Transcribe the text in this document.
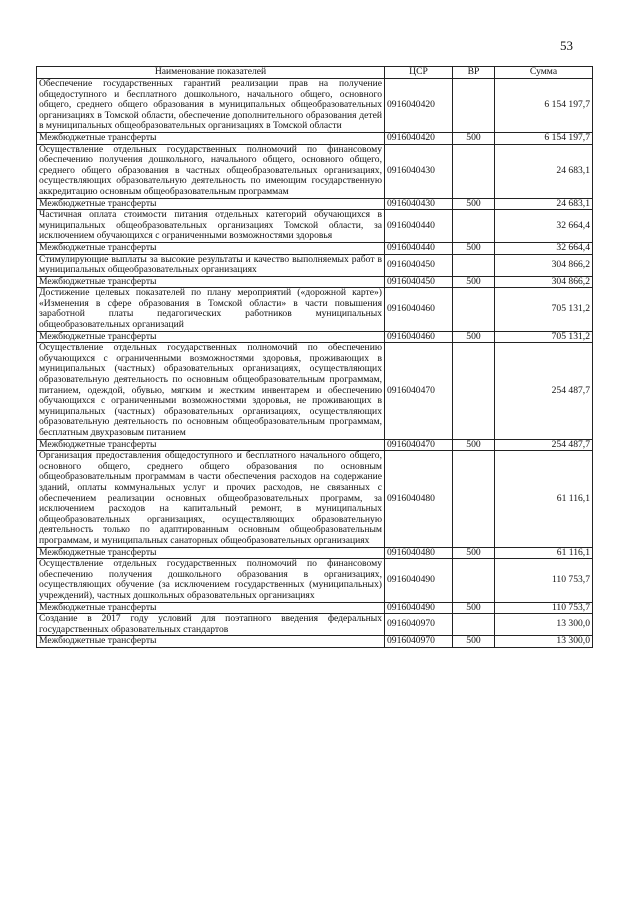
53
Наименование показателей	ЦСР	ВР	Сумма
Обеспечение государственных гарантий реализации прав на получение общедоступного и бесплатного дошкольного, начального общего, основного общего, среднего общего образования в муниципальных общеобразовательных организациях в Томской области, обеспечение дополнительного образования детей в муниципальных общеобразовательных организациях в Томской области	0916040420		6 154 197,7
Межбюджетные трансферты	0916040420	500	6 154 197,7
Осуществление отдельных государственных полномочий по финансовому обеспечению получения дошкольного, начального общего, основного общего, среднего общего образования в частных общеобразовательных организациях, осуществляющих образовательную деятельность по имеющим государственную аккредитацию основным общеобразовательным программам	0916040430		24 683,1
Межбюджетные трансферты	0916040430	500	24 683,1
Частичная оплата стоимости питания отдельных категорий обучающихся в муниципальных общеобразовательных организациях Томской области, за исключением обучающихся с ограниченными возможностями здоровья	0916040440		32 664,4
Межбюджетные трансферты	0916040440	500	32 664,4
Стимулирующие выплаты за высокие результаты и качество выполняемых работ в муниципальных общеобразовательных организациях	0916040450		304 866,2
Межбюджетные трансферты	0916040450	500	304 866,2
Достижение целевых показателей по плану мероприятий («дорожной карте») «Изменения в сфере образования в Томской области» в части повышения заработной платы педагогических работников муниципальных общеобразовательных организаций	0916040460		705 131,2
Межбюджетные трансферты	0916040460	500	705 131,2
Осуществление отдельных государственных полномочий по обеспечению обучающихся с ограниченными возможностями здоровья, проживающих в муниципальных (частных) образовательных организациях, осуществляющих образовательную деятельность по основным общеобразовательным программам, питанием, одеждой, обувью, мягким и жестким инвентарем и обеспечению обучающихся с ограниченными возможностями здоровья, не проживающих в муниципальных (частных) образовательных организациях, осуществляющих образовательную деятельность по основным общеобразовательным программам, бесплатным двухразовым питанием	0916040470		254 487,7
Межбюджетные трансферты	0916040470	500	254 487,7
Организация предоставления общедоступного и бесплатного начального общего, основного общего, среднего общего образования по основным общеобразовательным программам в части обеспечения расходов на содержание зданий, оплаты коммунальных услуг и прочих расходов, не связанных с обеспечением реализации основных общеобразовательных программ, за исключением расходов на капитальный ремонт, в муниципальных общеобразовательных организациях, осуществляющих образовательную деятельность только по адаптированным основным общеобразовательным программам, и муниципальных санаторных общеобразовательных организациях	0916040480		61 116,1
Межбюджетные трансферты	0916040480	500	61 116,1
Осуществление отдельных государственных полномочий по финансовому обеспечению получения дошкольного образования в организациях, осуществляющих обучение (за исключением государственных (муниципальных) учреждений), частных дошкольных образовательных организациях	0916040490		110 753,7
Межбюджетные трансферты	0916040490	500	110 753,7
Создание в 2017 году условий для поэтапного введения федеральных государственных образовательных стандартов	0916040970		13 300,0
Межбюджетные трансферты	0916040970	500	13 300,0
